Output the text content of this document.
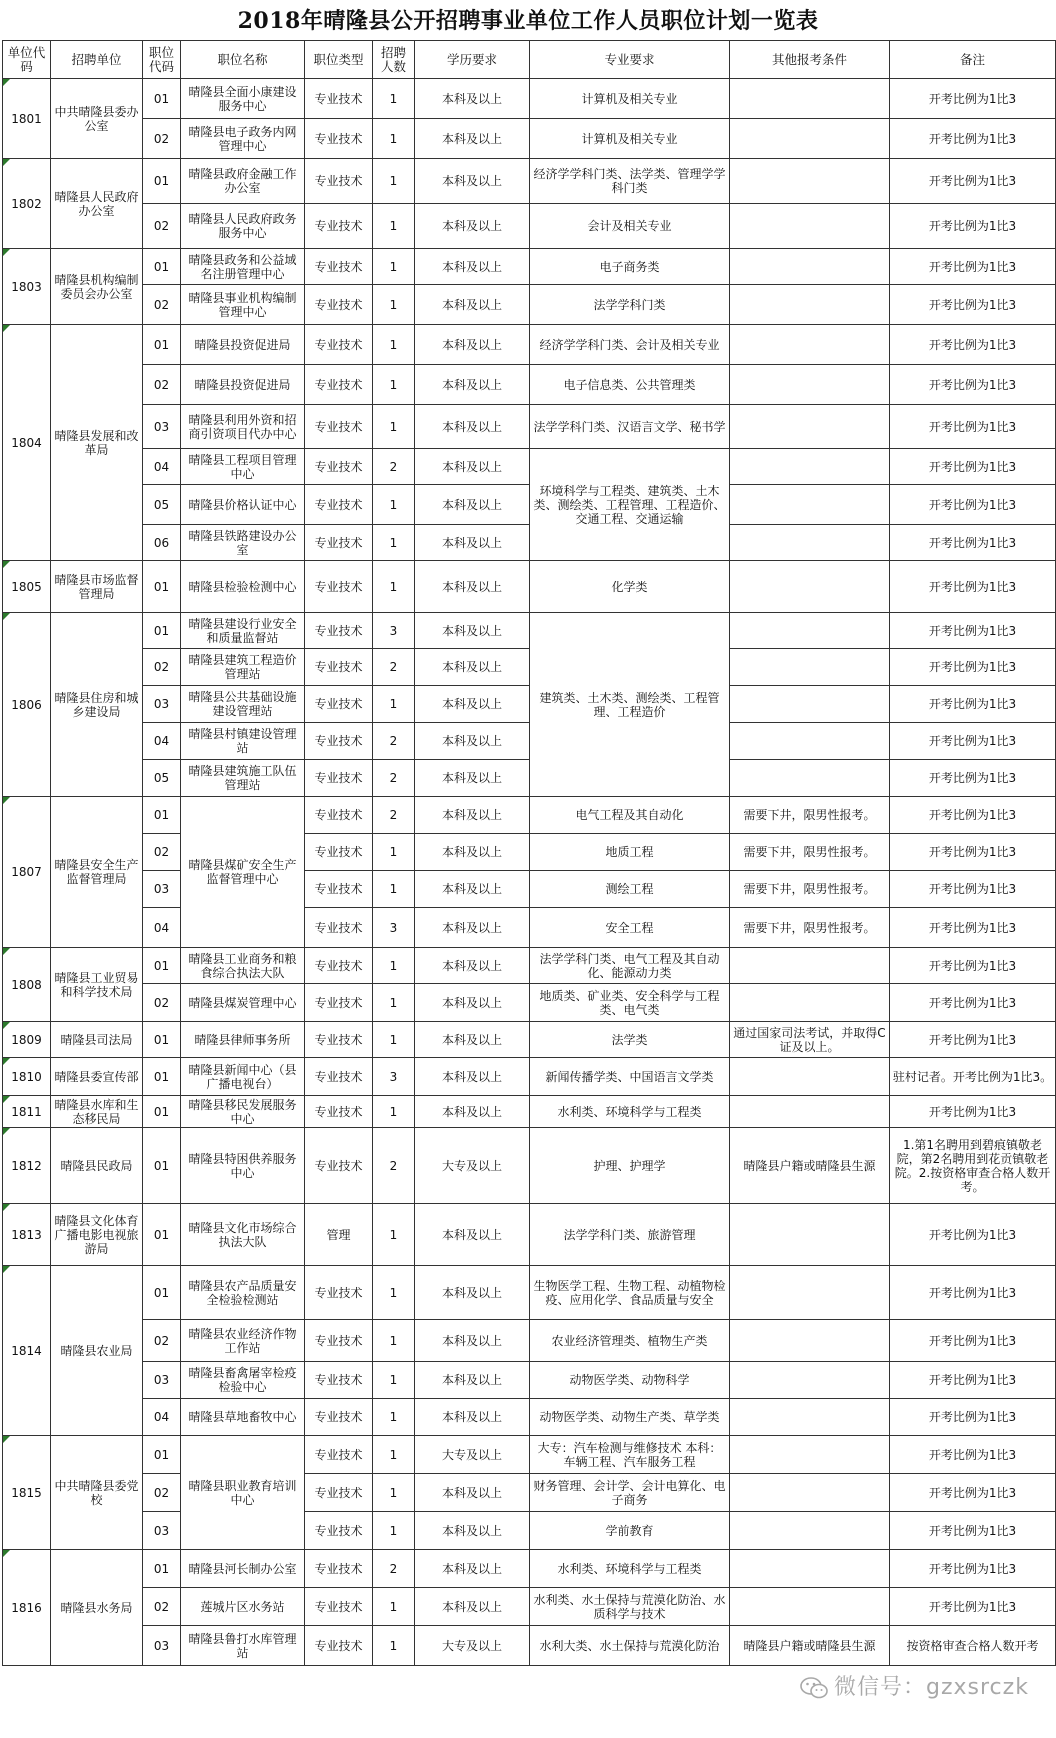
2018年晴隆县公开招聘事业单位工作人员职位计划一览表
单位代码	招聘单位	职位代码	职位名称	职位类型	招聘人数	学历要求	专业要求	其他报考条件	备注
1801	中共晴隆县委办公室	01	晴隆县全面小康建设服务中心	专业技术	1	本科及以上	计算机及相关专业		开考比例为1比3
		02	晴隆县电子政务内网管理中心	专业技术	1	本科及以上	计算机及相关专业		开考比例为1比3
1802	晴隆县人民政府办公室	01	晴隆县政府金融工作办公室	专业技术	1	本科及以上	经济学学科门类、法学类、管理学学科门类		开考比例为1比3
		02	晴隆县人民政府政务服务中心	专业技术	1	本科及以上	会计及相关专业		开考比例为1比3
1803	晴隆县机构编制委员会办公室	01	晴隆县政务和公益域名注册管理中心	专业技术	1	本科及以上	电子商务类		开考比例为1比3
		02	晴隆县事业机构编制管理中心	专业技术	1	本科及以上	法学学科门类		开考比例为1比3
1804	晴隆县发展和改革局	01	晴隆县投资促进局	专业技术	1	本科及以上	经济学学科门类、会计及相关专业		开考比例为1比3
		02	晴隆县投资促进局	专业技术	1	本科及以上	电子信息类、公共管理类		开考比例为1比3
		03	晴隆县利用外资和招商引资项目代办中心	专业技术	1	本科及以上	法学学科门类、汉语言文学、秘书学		开考比例为1比3
		04	晴隆县工程项目管理中心	专业技术	2	本科及以上	环境科学与工程类、建筑类、土木类、测绘类、工程管理、工程造价、交通工程、交通运输		开考比例为1比3
		05	晴隆县价格认证中心	专业技术	1	本科及以上			开考比例为1比3
		06	晴隆县铁路建设办公室	专业技术	1	本科及以上			开考比例为1比3
1805	晴隆县市场监督管理局	01	晴隆县检验检测中心	专业技术	1	本科及以上	化学类		开考比例为1比3
1806	晴隆县住房和城乡建设局	01	晴隆县建设行业安全和质量监督站	专业技术	3	本科及以上	建筑类、土木类、测绘类、工程管理、工程造价		开考比例为1比3
		02	晴隆县建筑工程造价管理站	专业技术	2	本科及以上			开考比例为1比3
		03	晴隆县公共基础设施建设管理站	专业技术	1	本科及以上			开考比例为1比3
		04	晴隆县村镇建设管理站	专业技术	2	本科及以上			开考比例为1比3
		05	晴隆县建筑施工队伍管理站	专业技术	2	本科及以上			开考比例为1比3
1807	晴隆县安全生产监督管理局	01	晴隆县煤矿安全生产监督管理中心	专业技术	2	本科及以上	电气工程及其自动化	需要下井，限男性报考。	开考比例为1比3
		02		专业技术	1	本科及以上	地质工程	需要下井，限男性报考。	开考比例为1比3
		03		专业技术	1	本科及以上	测绘工程	需要下井，限男性报考。	开考比例为1比3
		04		专业技术	3	本科及以上	安全工程	需要下井，限男性报考。	开考比例为1比3
1808	晴隆县工业贸易和科学技术局	01	晴隆县工业商务和粮食综合执法大队	专业技术	1	本科及以上	法学学科门类、电气工程及其自动化、能源动力类		开考比例为1比3
		02	晴隆县煤炭管理中心	专业技术	1	本科及以上	地质类、矿业类、安全科学与工程类、电气类		开考比例为1比3
1809	晴隆县司法局	01	晴隆县律师事务所	专业技术	1	本科及以上	法学类	通过国家司法考试，并取得C证及以上。	开考比例为1比3
1810	晴隆县委宣传部	01	晴隆县新闻中心（县广播电视台）	专业技术	3	本科及以上	新闻传播学类、中国语言文学类		驻村记者。开考比例为1比3。
1811	晴隆县水库和生态移民局	01	晴隆县移民发展服务中心	专业技术	1	本科及以上	水利类、环境科学与工程类		开考比例为1比3
1812	晴隆县民政局	01	晴隆县特困供养服务中心	专业技术	2	大专及以上	护理、护理学	晴隆县户籍或晴隆县生源	1.第1名聘用到碧痕镇敬老院，第2名聘用到花贡镇敬老院。2.按资格审查合格人数开考。
1813	晴隆县文化体育广播电影电视旅游局	01	晴隆县文化市场综合执法大队	管理	1	本科及以上	法学学科门类、旅游管理		开考比例为1比3
1814	晴隆县农业局	01	晴隆县农产品质量安全检验检测站	专业技术	1	本科及以上	生物医学工程、生物工程、动植物检疫、应用化学、食品质量与安全		开考比例为1比3
		02	晴隆县农业经济作物工作站	专业技术	1	本科及以上	农业经济管理类、植物生产类		开考比例为1比3
		03	晴隆县畜禽屠宰检疫检验中心	专业技术	1	本科及以上	动物医学类、动物科学		开考比例为1比3
		04	晴隆县草地畜牧中心	专业技术	1	本科及以上	动物医学类、动物生产类、草学类		开考比例为1比3
1815	中共晴隆县委党校	01	晴隆县职业教育培训中心	专业技术	1	大专及以上	大专：汽车检测与维修技术 本科：车辆工程、汽车服务工程		开考比例为1比3
		02		专业技术	1	本科及以上	财务管理、会计学、会计电算化、电子商务		开考比例为1比3
		03		专业技术	1	本科及以上	学前教育		开考比例为1比3
1816	晴隆县水务局	01	晴隆县河长制办公室	专业技术	2	本科及以上	水利类、环境科学与工程类		开考比例为1比3
		02	莲城片区水务站	专业技术	1	本科及以上	水利类、水土保持与荒漠化防治、水质科学与技术		开考比例为1比3
		03	晴隆县鲁打水库管理站	专业技术	1	大专及以上	水利大类、水土保持与荒漠化防治	晴隆县户籍或晴隆县生源	按资格审查合格人数开考
微信号：gzxsrczk
